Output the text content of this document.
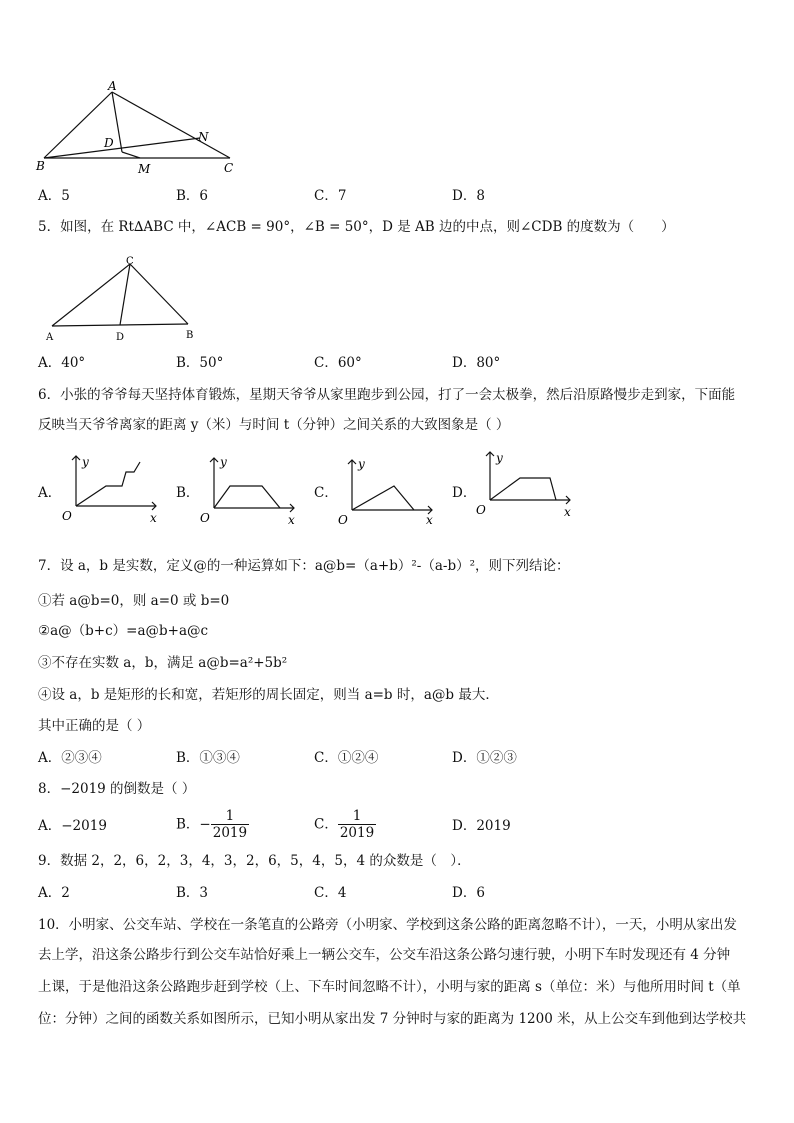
A
B	C
D
M
N
A．5	B．6	C．7	D．8
5．如图，在 Rt∆ABC 中，∠ACB = 90°，∠B = 50°，D 是 AB 边的中点，则∠CDB 的度数为（　　）
C
A	D	B
A．40°	B．50°	C．60°	D．80°
6．小张的爷爷每天坚持体育锻炼，星期天爷爷从家里跑步到公园，打了一会太极拳，然后沿原路慢步走到家，下面能
反映当天爷爷离家的距离 y（米）与时间 t（分钟）之间关系的大致图象是（ ）
A．
y
x
O
B．
y
x
O
C．
y
x
O
D．
y
x
O
7．设 a，b 是实数，定义@的一种运算如下：a@b=（a+b）²-（a-b）²，则下列结论：
①若 a@b=0，则 a=0 或 b=0
②a@（b+c）=a@b+a@c
③不存在实数 a，b，满足 a@b=a²+5b²
④设 a，b 是矩形的长和宽，若矩形的周长固定，则当 a=b 时，a@b 最大．
其中正确的是（ ）
A．②③④	B．①③④	C．①②④	D．①②③
8．−2019 的倒数是（ ）
A．−2019	B．− $\frac{1}{2019}$	C． $\frac{1}{2019}$	D．2019
9．数据 2，2，6，2，3，4，3，2，6，5，4，5，4 的众数是（　）．
A．2	B．3	C．4	D．6
10．小明家、公交车站、学校在一条笔直的公路旁（小明家、学校到这条公路的距离忽略不计），一天，小明从家出发
去上学，沿这条公路步行到公交车站恰好乘上一辆公交车，公交车沿这条公路匀速行驶，小明下车时发现还有 4 分钟
上课，于是他沿这条公路跑步赶到学校（上、下车时间忽略不计），小明与家的距离 s（单位：米）与他所用时间 t（单
位：分钟）之间的函数关系如图所示，已知小明从家出发 7 分钟时与家的距离为 1200 米，从上公交车到他到达学校共
